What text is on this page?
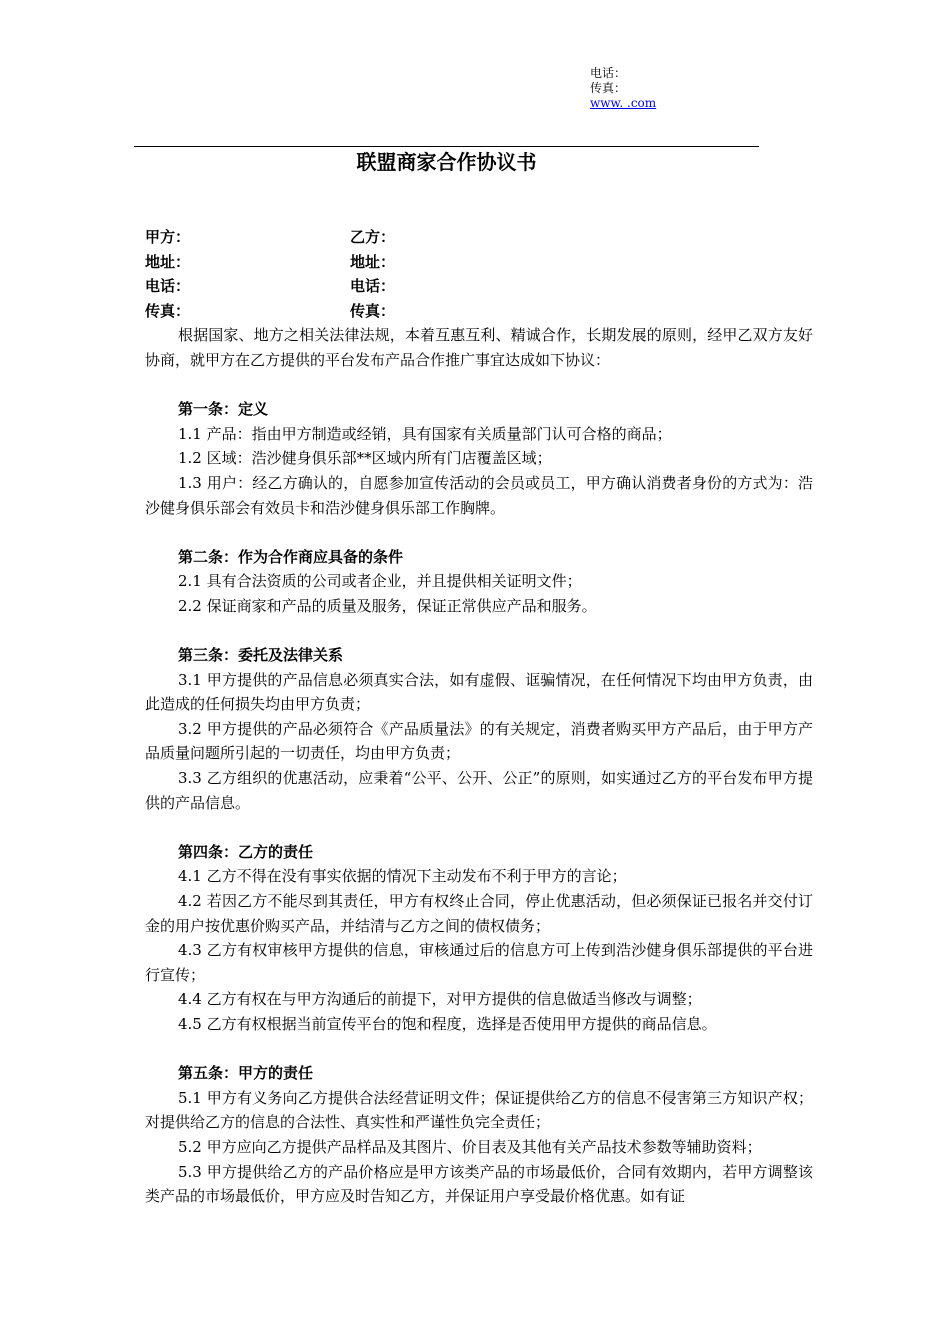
电话：
传真：
www. .com
联盟商家合作协议书
甲方：	乙方：
地址：	地址：
电话：	电话：
传真：	传真：

根据国家、地方之相关法律法规，本着互惠互利、精诚合作，长期发展的原则，经甲乙双方友好协商，就甲方在乙方提供的平台发布产品合作推广事宜达成如下协议：

第一条：定义

1.1 产品：指由甲方制造或经销，具有国家有关质量部门认可合格的商品；

1.2 区域：浩沙健身俱乐部**区域内所有门店覆盖区域；

1.3 用户：经乙方确认的，自愿参加宣传活动的会员或员工，甲方确认消费者身份的方式为：浩沙健身俱乐部会有效员卡和浩沙健身俱乐部工作胸牌。

第二条：作为合作商应具备的条件

2.1 具有合法资质的公司或者企业，并且提供相关证明文件；

2.2 保证商家和产品的质量及服务，保证正常供应产品和服务。

第三条：委托及法律关系

3.1 甲方提供的产品信息必须真实合法，如有虚假、诓骗情况，在任何情况下均由甲方负责，由此造成的任何损失均由甲方负责；

3.2 甲方提供的产品必须符合《产品质量法》的有关规定，消费者购买甲方产品后，由于甲方产品质量问题所引起的一切责任，均由甲方负责；

3.3 乙方组织的优惠活动，应秉着“公平、公开、公正”的原则，如实通过乙方的平台发布甲方提供的产品信息。

第四条：乙方的责任

4.1 乙方不得在没有事实依据的情况下主动发布不利于甲方的言论；

4.2 若因乙方不能尽到其责任，甲方有权终止合同，停止优惠活动，但必须保证已报名并交付订金的用户按优惠价购买产品，并结清与乙方之间的债权债务；

4.3 乙方有权审核甲方提供的信息，审核通过后的信息方可上传到浩沙健身俱乐部提供的平台进行宣传；

4.4 乙方有权在与甲方沟通后的前提下，对甲方提供的信息做适当修改与调整；

4.5 乙方有权根据当前宣传平台的饱和程度，选择是否使用甲方提供的商品信息。

第五条：甲方的责任

5.1 甲方有义务向乙方提供合法经营证明文件；保证提供给乙方的信息不侵害第三方知识产权；对提供给乙方的信息的合法性、真实性和严谨性负完全责任；

5.2 甲方应向乙方提供产品样品及其图片、价目表及其他有关产品技术参数等辅助资料；

5.3 甲方提供给乙方的产品价格应是甲方该类产品的市场最低价，合同有效期内，若甲方调整该类产品的市场最低价，甲方应及时告知乙方，并保证用户享受最价格优惠。如有证
